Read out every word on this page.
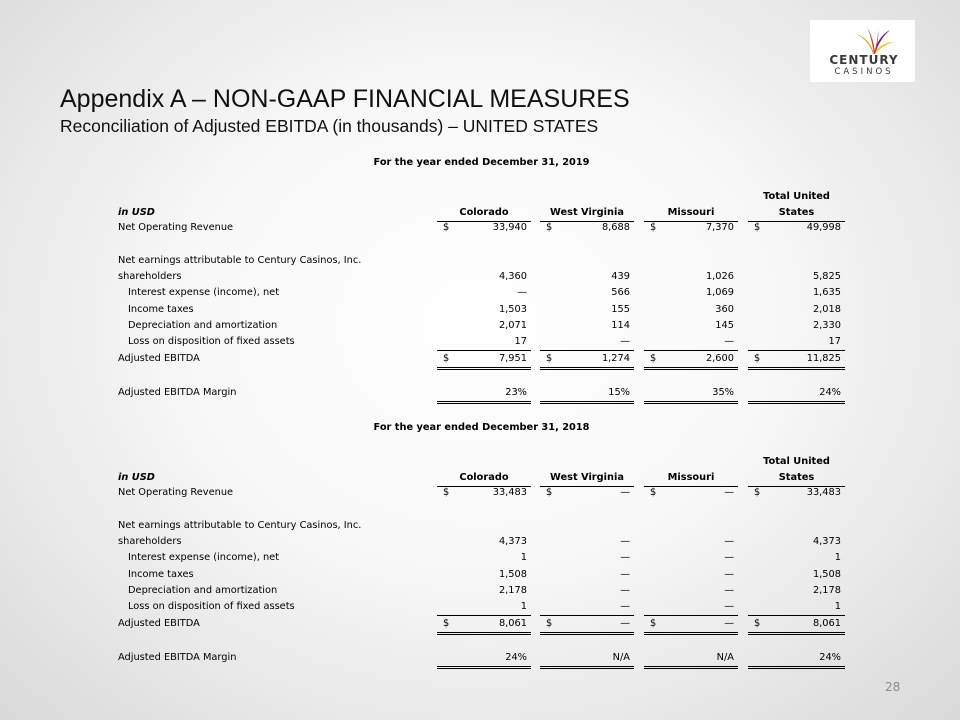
CENTURY
CASINOS
Appendix A – NON-GAAP FINANCIAL MEASURES
Reconciliation of Adjusted EBITDA (in thousands) – UNITED STATES
For the year ended December 31, 2019
Total United
in USD	Colorado	West Virginia	Missouri	States
Net Operating Revenue	$	33,940 $	8,688 $	7,370 $	49,998
Net earnings attributable to Century Casinos, Inc.
shareholders	4,360	439	1,026	5,825
Interest expense (income), net	—	566	1,069	1,635
Income taxes	1,503	155	360	2,018
Depreciation and amortization	2,071	114	145	2,330
Loss on disposition of fixed assets	17	—	—	17
Adjusted EBITDA	$	7,951 $	1,274 $	2,600 $	11,825
Adjusted EBITDA Margin	23%	15%	35%	24%
For the year ended December 31, 2018
Total United
in USD	Colorado	West Virginia	Missouri	States
Net Operating Revenue	$	33,483 $	— $	— $	33,483
Net earnings attributable to Century Casinos, Inc.
shareholders	4,373	—	—	4,373
Interest expense (income), net	1	—	—	1
Income taxes	1,508	—	—	1,508
Depreciation and amortization	2,178	—	—	2,178
Loss on disposition of fixed assets	1	—	—	1
Adjusted EBITDA	$	8,061 $	— $	— $	8,061
Adjusted EBITDA Margin	24%	N/A	N/A	24%
28
